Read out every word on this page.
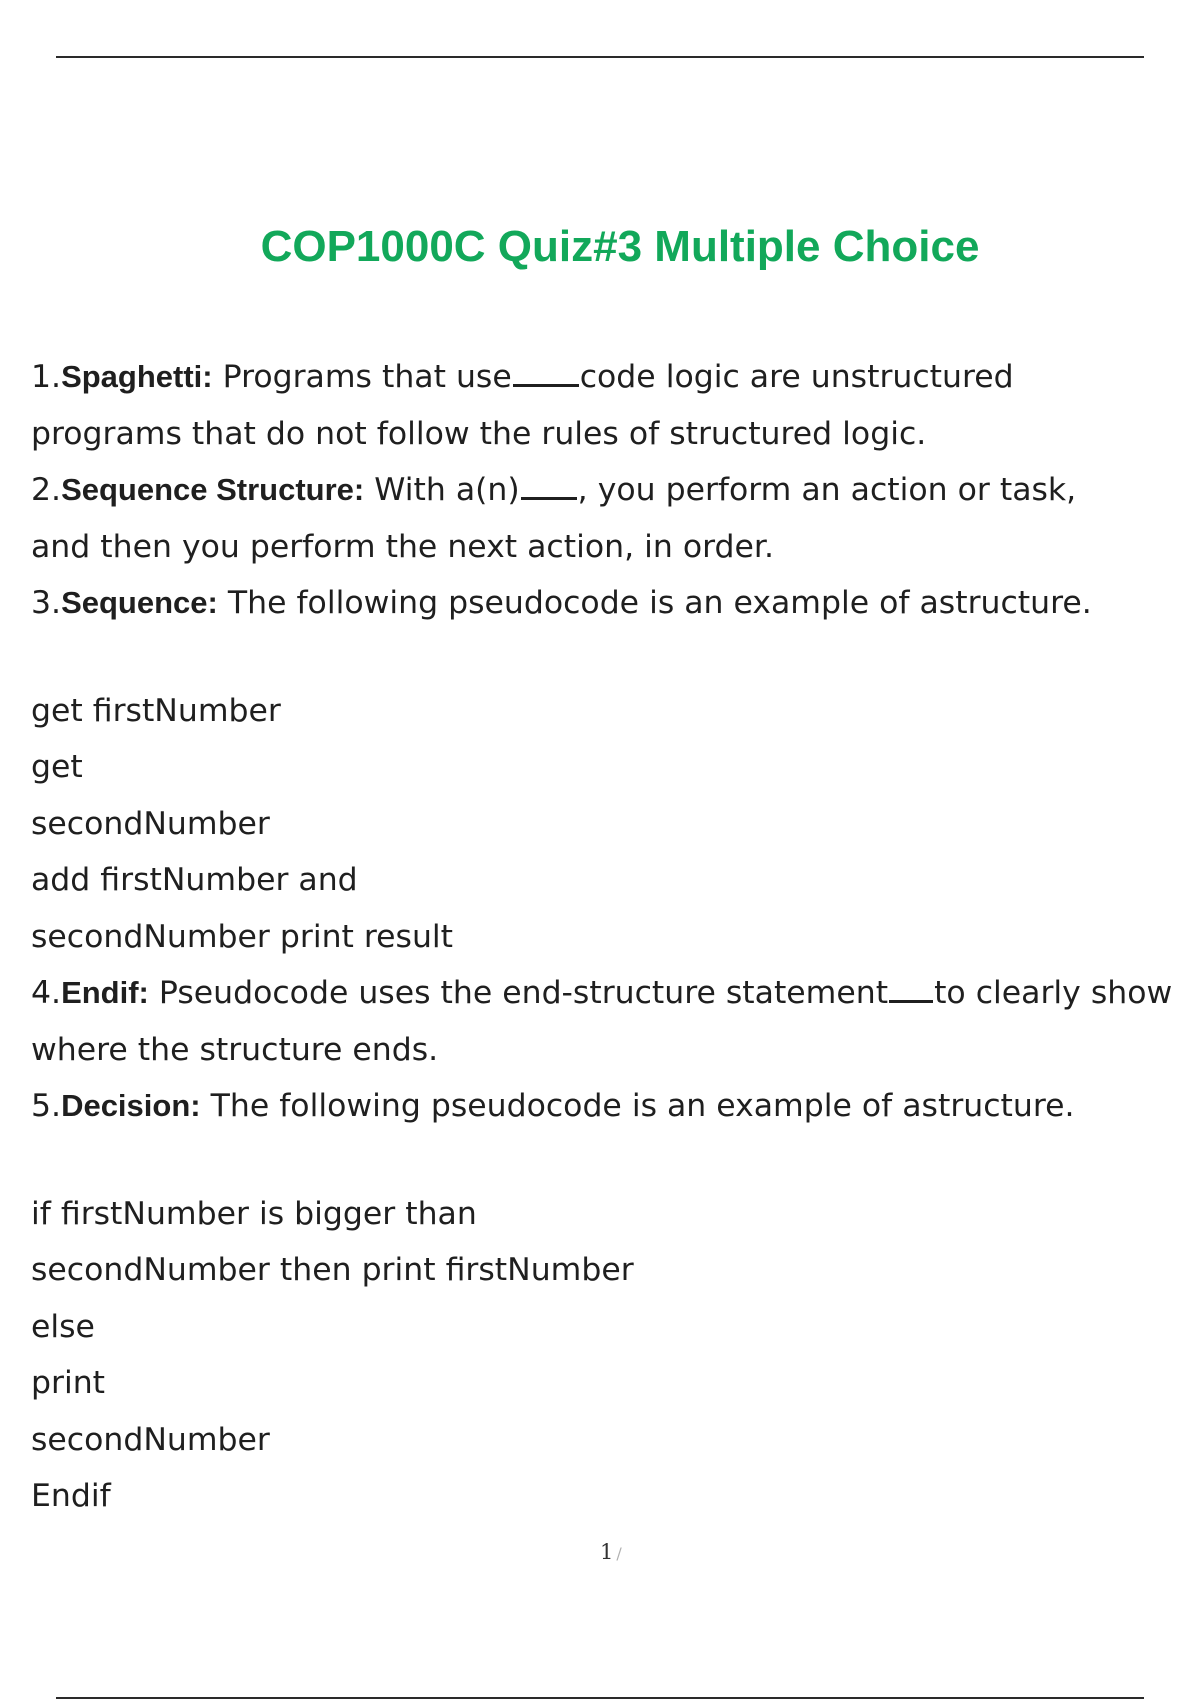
COP1000C Quiz#3 Multiple Choice
1.Spaghetti: Programs that use code logic are unstructured
programs that do not follow the rules of structured logic.
2.Sequence Structure: With a(n) , you perform an action or task,
and then you perform the next action, in order.
3.Sequence: The following pseudocode is an example of astructure.
get firstNumber
get
secondNumber
add firstNumber and
secondNumber print result
4.Endif: Pseudocode uses the end-structure statement to clearly show
where the structure ends.
5.Decision: The following pseudocode is an example of astructure.
if firstNumber is bigger than
secondNumber then print firstNumber
else
print
secondNumber
Endif
1 /
